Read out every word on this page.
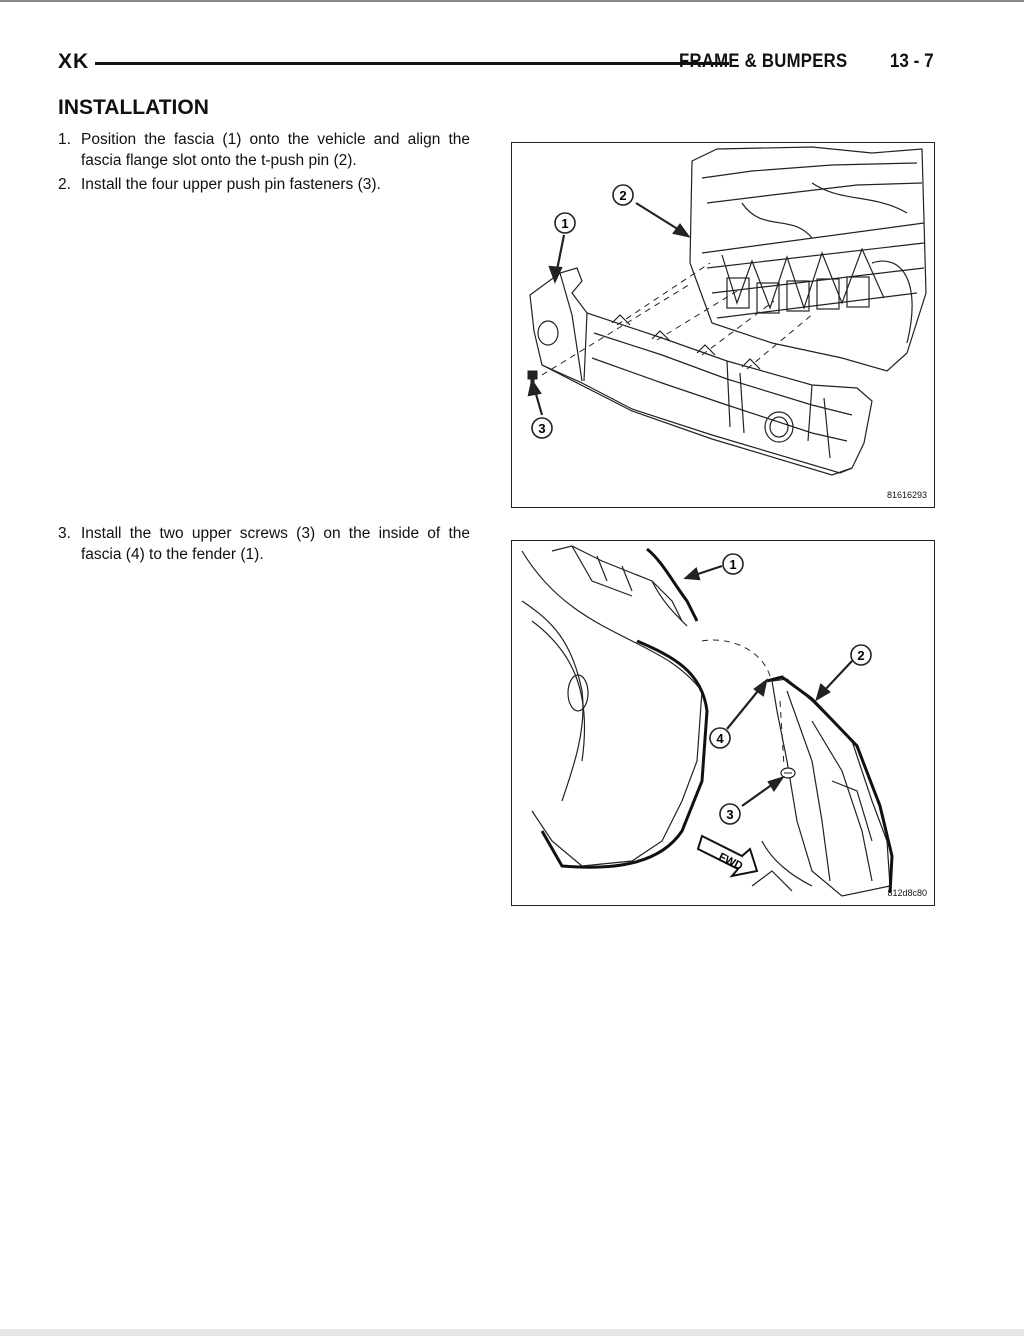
XK	FRAME & BUMPERS 13 - 7
INSTALLATION
1. Position the fascia (1) onto the vehicle and align the fascia flange slot onto the t-push pin (2).
2. Install the four upper push pin fasteners (3).
3. Install the two upper screws (3) on the inside of the fascia (4) to the fender (1).
1
2
3
81616293
FWD
1
2
3
4
812d8c80
